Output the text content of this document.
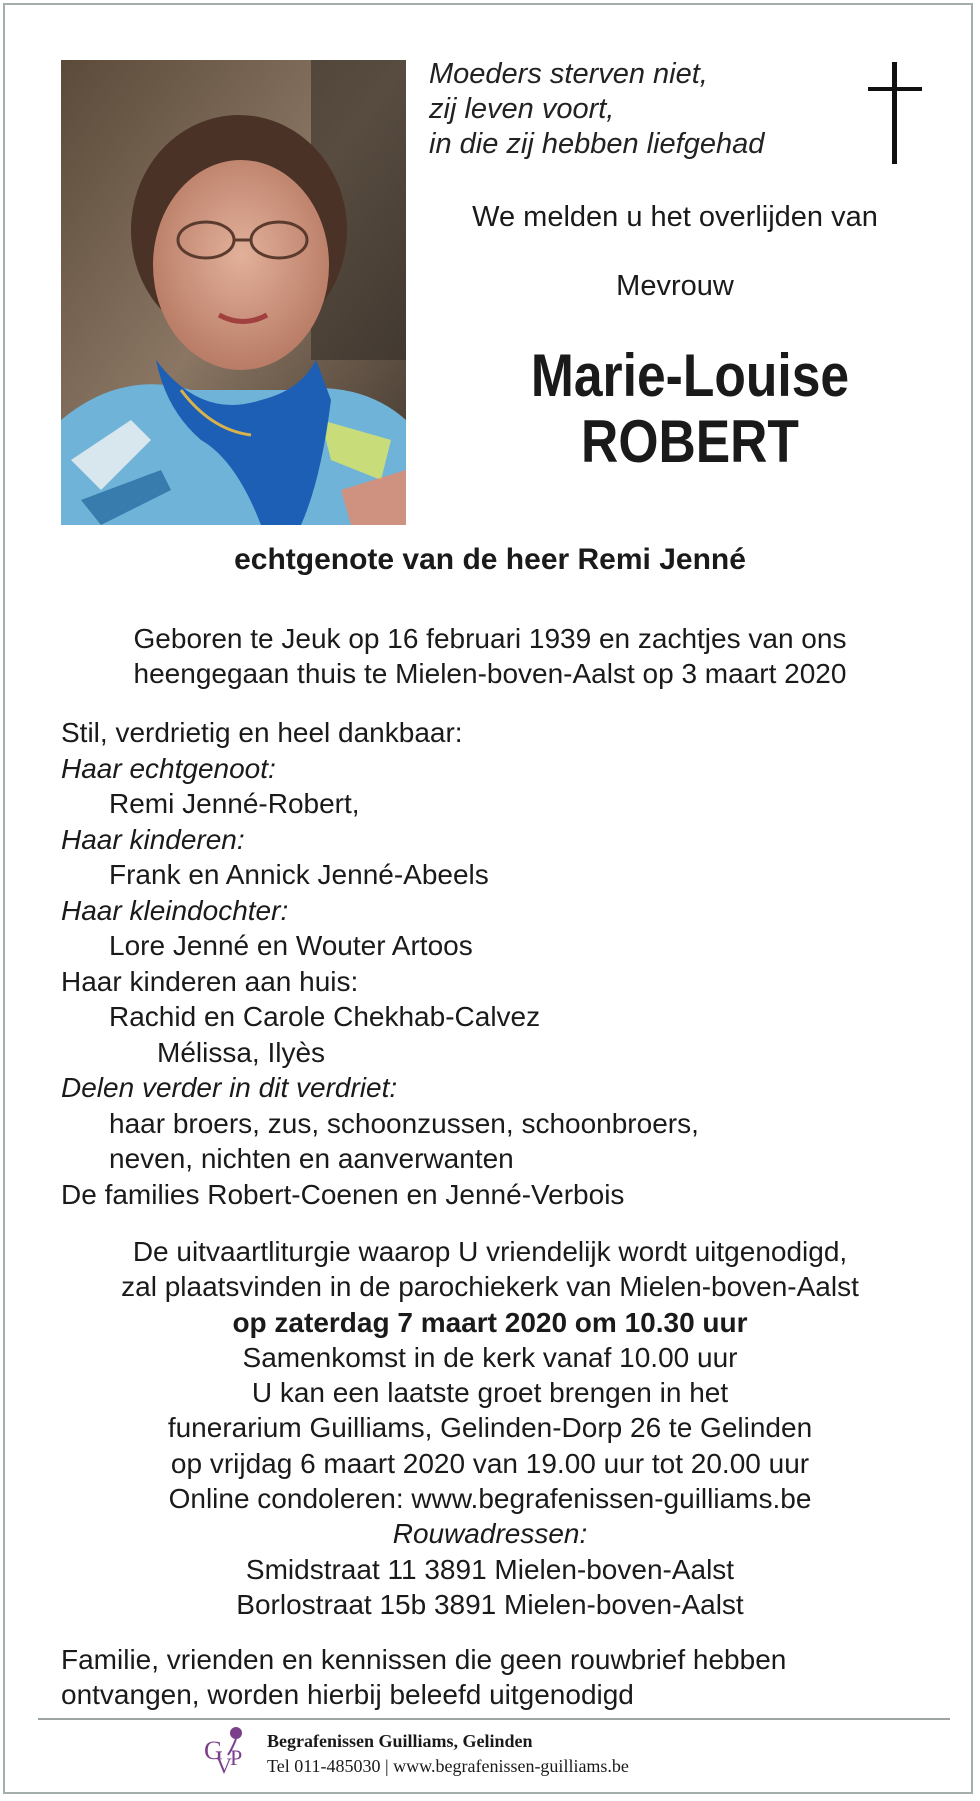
Moeders sterven niet,
zij leven voort,
in die zij hebben liefgehad
We melden u het overlijden van
Mevrouw
Marie-Louise
ROBERT
echtgenote van de heer Remi Jenné
Geboren te Jeuk op 16 februari 1939 en zachtjes van ons
heengegaan thuis te Mielen-boven-Aalst op 3 maart 2020
Stil, verdrietig en heel dankbaar:
Haar echtgenoot:
Remi Jenné-Robert,
Haar kinderen:
Frank en Annick Jenné-Abeels
Haar kleindochter:
Lore Jenné en Wouter Artoos
Haar kinderen aan huis:
Rachid en Carole Chekhab-Calvez
Mélissa, Ilyès
Delen verder in dit verdriet:
haar broers, zus, schoonzussen, schoonbroers,
neven, nichten en aanverwanten
De families Robert-Coenen en Jenné-Verbois
De uitvaartliturgie waarop U vriendelijk wordt uitgenodigd,
zal plaatsvinden in de parochiekerk van Mielen-boven-Aalst
op zaterdag 7 maart 2020 om 10.30 uur
Samenkomst in de kerk vanaf 10.00 uur
U kan een laatste groet brengen in het
funerarium Guilliams, Gelinden-Dorp 26 te Gelinden
op vrijdag 6 maart 2020 van 19.00 uur tot 20.00 uur
Online condoleren: www.begrafenissen-guilliams.be
Rouwadressen:
Smidstraat 11 3891 Mielen-boven-Aalst
Borlostraat 15b 3891 Mielen-boven-Aalst
Familie, vrienden en kennissen die geen rouwbrief hebben
ontvangen, worden hierbij beleefd uitgenodigd
G
V
P
Begrafenissen Guilliams, Gelinden
Tel 011-485030 | www.begrafenissen-guilliams.be
